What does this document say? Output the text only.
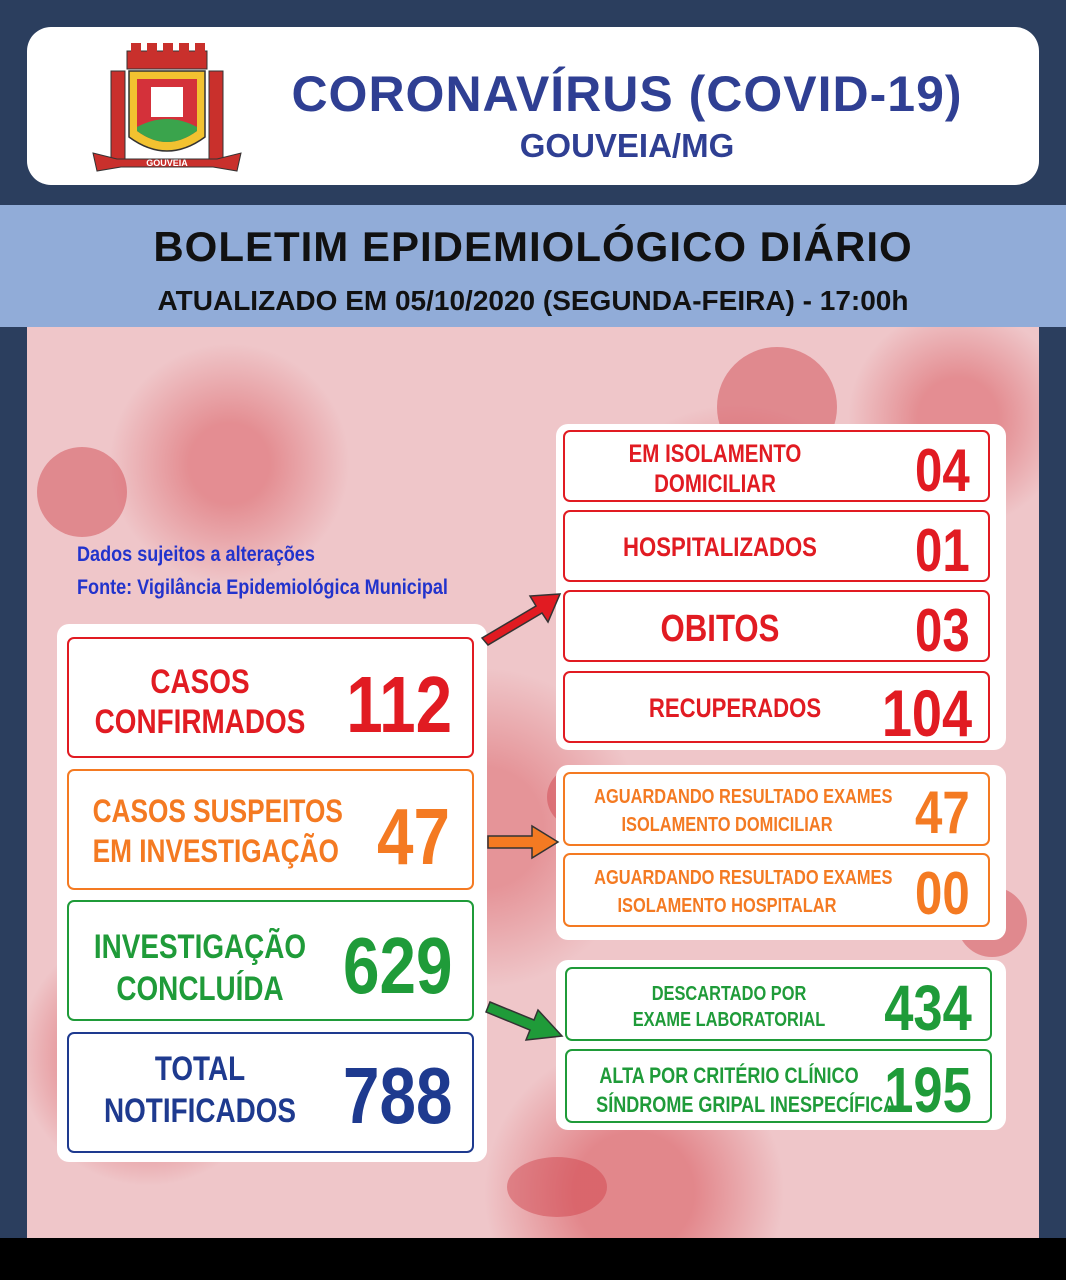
GOUVEIA
CORONAVÍRUS (COVID-19)
GOUVEIA/MG
BOLETIM EPIDEMIOLÓGICO DIÁRIO
ATUALIZADO EM 05/10/2020 (SEGUNDA-FEIRA) - 17:00h
Dados sujeitos a alterações
Fonte: Vigilância Epidemiológica Municipal
CASOS
CONFIRMADOS 112
CASOS SUSPEITOS
EM INVESTIGAÇÃO 47
INVESTIGAÇÃO
CONCLUÍDA 629
TOTAL
NOTIFICADOS 788
EM ISOLAMENTO
DOMICILIAR	04
HOSPITALIZADOS	01
OBITOS	03
RECUPERADOS 104
AGUARDANDO RESULTADO EXAMES
ISOLAMENTO DOMICILIAR	47
AGUARDANDO RESULTADO EXAMES
ISOLAMENTO HOSPITALAR	00
DESCARTADO POR
EXAME LABORATORIAL 434
ALTA POR CRITÉRIO CLÍNICO
SÍNDROME GRIPAL INESPECÍFICA
195
